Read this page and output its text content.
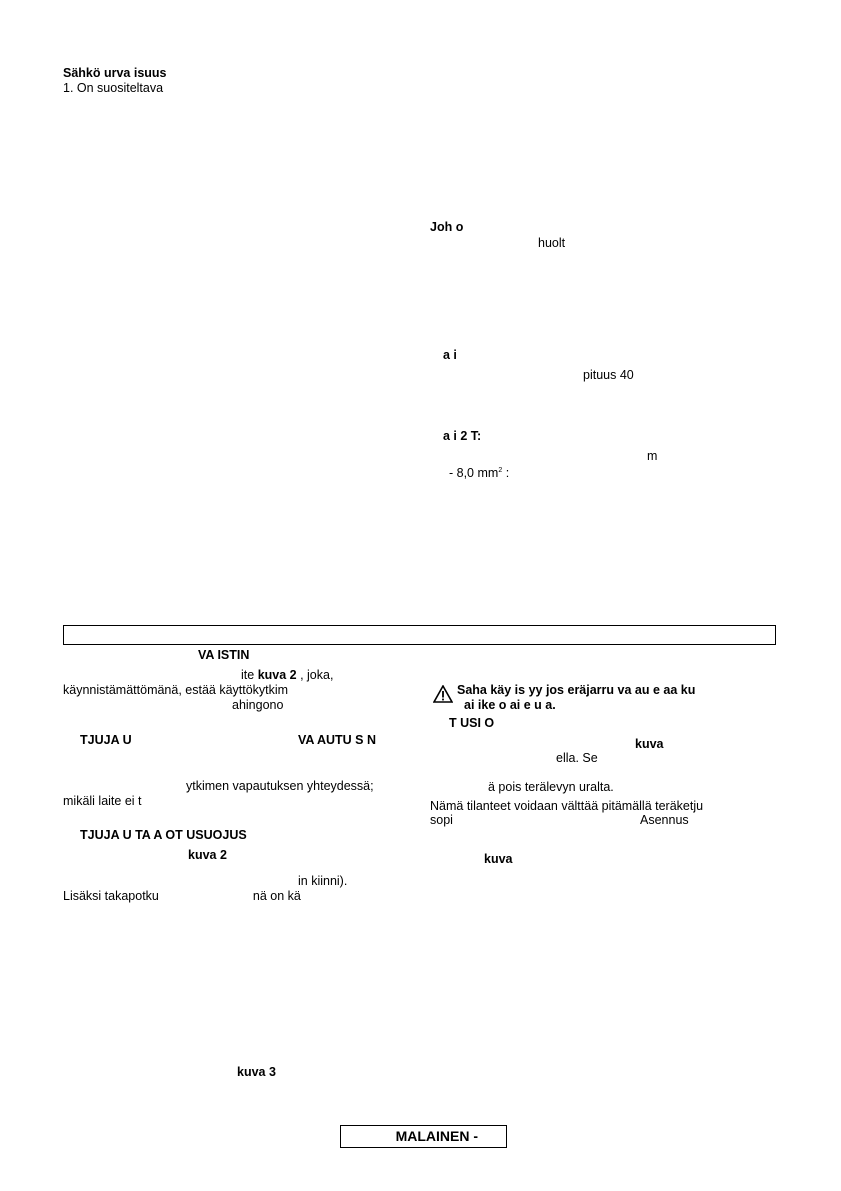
Sähkö urva isuus
1. On suositeltava
Joh o
huolt
a i
pituus 40
a i 2 T:
m
- 8,0 $mm^2$ :
VA ISTIN
ite kuva 2 , joka,
käynnistämättömänä, estää käyttökytkim
ahingono
TJUJA U	VA AUTU S N
ytkimen vapautuksen yhteydessä;
mikäli laite ei t
TJUJA U TA A OT USUOJUS
kuva 2
in kiinni).
Lisäksi takapotku	nä on kä
kuva 3
Saha käy is yy jos eräjarru va au e aa ku
ai ike o ai e u a.
T USI O
kuva
ella. Se
ä pois terälevyn uralta.
Nämä tilanteet voidaan välttää pitämällä teräketju
sopi	Asennus
kuva
MALAINEN -
